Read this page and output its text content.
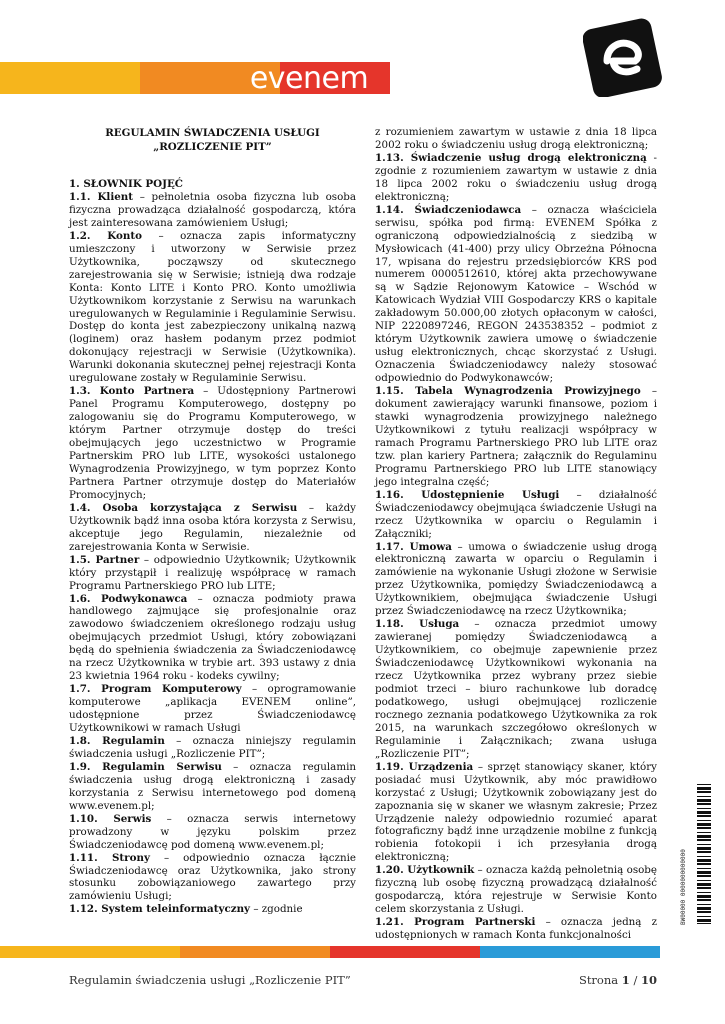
evenem

REGULAMIN ŚWIADCZENIA USŁUGI

„ROZLICZENIE PIT”

1. SŁOWNIK POJĘĆ

1.1. Klient – pełnoletnia osoba fizyczna lub osoba fizyczna prowadząca działalność gospodarczą, która jest zainteresowana zamówieniem Usługi;

1.2. Konto – oznacza zapis informatyczny umieszczony i utworzony w Serwisie przez Użytkownika, począwszy od skutecznego zarejestrowania się w Serwisie; istnieją dwa rodzaje Konta: Konto LITE i Konto PRO. Konto umożliwia Użytkownikom korzystanie z Serwisu na warunkach uregulowanych w Regulaminie i Regulaminie Serwisu. Dostęp do konta jest zabezpieczony unikalną nazwą (loginem) oraz hasłem podanym przez podmiot dokonujący rejestracji w Serwisie (Użytkownika). Warunki dokonania skutecznej pełnej rejestracji Konta uregulowane zostały w Regulaminie Serwisu.

1.3. Konto Partnera – Udostępniony Partnerowi Panel Programu Komputerowego, dostępny po zalogowaniu się do Programu Komputerowego, w którym Partner otrzymuje dostęp do treści obejmujących jego uczestnictwo w Programie Partnerskim PRO lub LITE, wysokości ustalonego Wynagrodzenia Prowizyjnego, w tym poprzez Konto Partnera Partner otrzymuje dostęp do Materiałów Promocyjnych;

1.4. Osoba korzystająca z Serwisu – każdy Użytkownik bądź inna osoba która korzysta z Serwisu, akceptuje jego Regulamin, niezależnie od zarejestrowania Konta w Serwisie.

1.5. Partner – odpowiednio Użytkownik; Użytkownik który przystąpił i realizuję współpracę w ramach Programu Partnerskiego PRO lub LITE;

1.6. Podwykonawca – oznacza podmioty prawa handlowego zajmujące się profesjonalnie oraz zawodowo świadczeniem określonego rodzaju usług obejmujących przedmiot Usługi, który zobowiązani będą do spełnienia świadczenia za Świadczeniodawcę na rzecz Użytkownika w trybie art. 393 ustawy z dnia 23 kwietnia 1964 roku - kodeks cywilny;

1.7. Program Komputerowy – oprogramowanie komputerowe „aplikacja EVENEM online”, udostępnione przez Świadczeniodawcę Użytkownikowi w ramach Usługi

1.8. Regulamin – oznacza niniejszy regulamin świadczenia usługi „Rozliczenie PIT”;

1.9. Regulamin Serwisu – oznacza regulamin świadczenia usług drogą elektroniczną i zasady korzystania z Serwisu internetowego pod domeną www.evenem.pl;

1.10. Serwis – oznacza serwis internetowy prowadzony w języku polskim przez Świadczeniodawcę pod domeną www.evenem.pl;

1.11. Strony – odpowiednio oznacza łącznie Świadczeniodawcę oraz Użytkownika, jako strony stosunku zobowiązaniowego zawartego przy zamówieniu Usługi;

1.12. System teleinformatyczny – zgodnie

z rozumieniem zawartym w ustawie z dnia 18 lipca 2002 roku o świadczeniu usług drogą elektroniczną;

1.13. Świadczenie usług drogą elektroniczną - zgodnie z rozumieniem zawartym w ustawie z dnia 18 lipca 2002 roku o świadczeniu usług drogą elektroniczną;

1.14. Świadczeniodawca – oznacza właściciela serwisu, spółka pod firmą: EVENEM Spółka z ograniczoną odpowiedzialnością z siedzibą w Mysłowicach (41-400) przy ulicy Obrzeżna Północna 17, wpisana do rejestru przedsiębiorców KRS pod numerem 0000512610, której akta przechowywane są w Sądzie Rejonowym Katowice – Wschód w Katowicach Wydział VIII Gospodarczy KRS o kapitale zakładowym 50.000,00 złotych opłaconym w całości, NIP 2220897246, REGON 243538352 – podmiot z którym Użytkownik zawiera umowę o świadczenie usług elektronicznych, chcąc skorzystać z Usługi. Oznaczenia Świadczeniodawcy należy stosować odpowiednio do Podwykonawców;

1.15. Tabela Wynagrodzenia Prowizyjnego – dokument zawierający warunki finansowe, poziom i stawki wynagrodzenia prowizyjnego należnego Użytkownikowi z tytułu realizacji współpracy w ramach Programu Partnerskiego PRO lub LITE oraz tzw. plan kariery Partnera; załącznik do Regulaminu Programu Partnerskiego PRO lub LITE stanowiący jego integralna część;

1.16. Udostępnienie Usługi – działalność Świadczeniodawcy obejmująca świadczenie Usługi na rzecz Użytkownika w oparciu o Regulamin i Załączniki;

1.17. Umowa – umowa o świadczenie usług drogą elektroniczną zawarta w oparciu o Regulamin i zamówienie na wykonanie Usługi złożone w Serwisie przez Użytkownika, pomiędzy Świadczeniodawcą a Użytkownikiem, obejmująca świadczenie Usługi przez Świadczeniodawcę na rzecz Użytkownika;

1.18. Usługa – oznacza przedmiot umowy zawieranej pomiędzy Świadczeniodawcą a Użytkownikiem, co obejmuje zapewnienie przez Świadczeniodawcę Użytkownikowi wykonania na rzecz Użytkownika przez wybrany przez siebie podmiot trzeci – biuro rachunkowe lub doradcę podatkowego, usługi obejmującej rozliczenie rocznego zeznania podatkowego Użytkownika za rok 2015, na warunkach szczegółowo określonych w Regulaminie i Załącznikach; zwana usługa „Rozliczenie PIT”;

1.19. Urządzenia – sprzęt stanowiący skaner, który posiadać musi Użytkownik, aby móc prawidłowo korzystać z Usługi; Użytkownik zobowiązany jest do zapoznania się w skaner we własnym zakresie; Przez Urządzenie należy odpowiednio rozumieć aparat fotograficzny bądź inne urządzenie mobilne z funkcją robienia fotokopii i ich przesyłania drogą elektroniczną;

1.20. Użytkownik – oznacza każdą pełnoletnią osobę fizyczną lub osobę fizyczną prowadzącą działalność gospodarczą, która rejestruje w Serwisie Konto celem skorzystania z Usługi.

1.21. Program Partnerski – oznacza jedną z udostępnionych w ramach Konta funkcjonalności

BW00000 0000000000000
Regulamin świadczenia usługi „Rozliczenie PIT”	Strona 1 / 10
